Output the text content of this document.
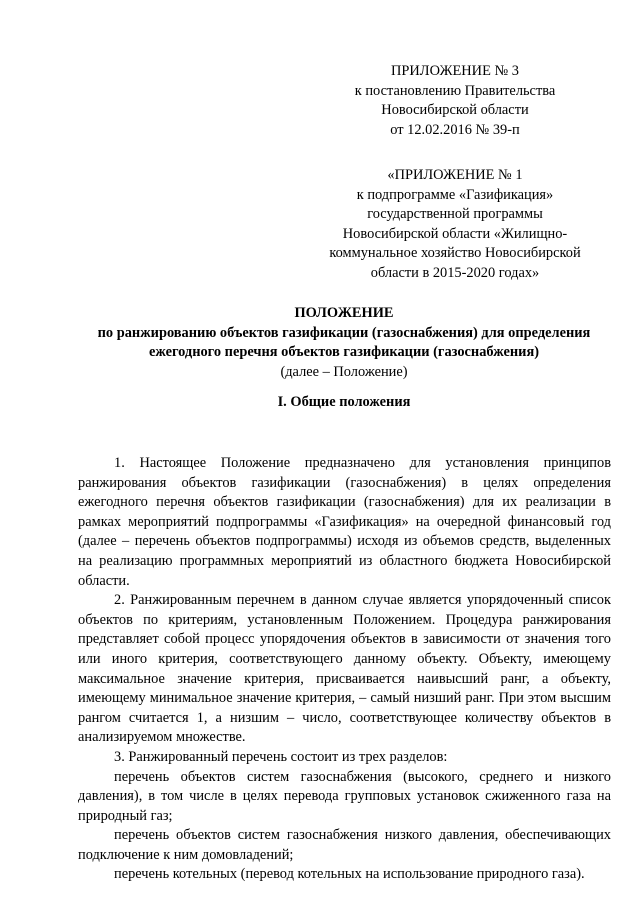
ПРИЛОЖЕНИЕ № 3
к постановлению Правительства
Новосибирской области
от 12.02.2016 № 39-п
«ПРИЛОЖЕНИЕ № 1
к подпрограмме «Газификация»
государственной программы
Новосибирской области «Жилищно-
коммунальное хозяйство Новосибирской
области в 2015-2020 годах»
ПОЛОЖЕНИЕ
по ранжированию объектов газификации (газоснабжения) для определения
ежегодного перечня объектов газификации (газоснабжения)
(далее – Положение)
I. Общие положения

1. Настоящее Положение предназначено для установления принципов ранжирования объектов газификации (газоснабжения) в целях определения ежегодного перечня объектов газификации (газоснабжения) для их реализации в рамках мероприятий подпрограммы «Газификация» на очередной финансовый год (далее – перечень объектов подпрограммы) исходя из объемов средств, выделенных на реализацию программных мероприятий из областного бюджета Новосибирской области.

2. Ранжированным перечнем в данном случае является упорядоченный список объектов по критериям, установленным Положением. Процедура ранжирования представляет собой процесс упорядочения объектов в зависимости от значения того или иного критерия, соответствующего данному объекту. Объекту, имеющему максимальное значение критерия, присваивается наивысший ранг, а объекту, имеющему минимальное значение критерия, – самый низший ранг. При этом высшим рангом считается 1, а низшим – число, соответствующее количеству объектов в анализируемом множестве.

3. Ранжированный перечень состоит из трех разделов:

перечень объектов систем газоснабжения (высокого, среднего и низкого давления), в том числе в целях перевода групповых установок сжиженного газа на природный газ;

перечень объектов систем газоснабжения низкого давления, обеспечивающих подключение к ним домовладений;

перечень котельных (перевод котельных на использование природного газа).
